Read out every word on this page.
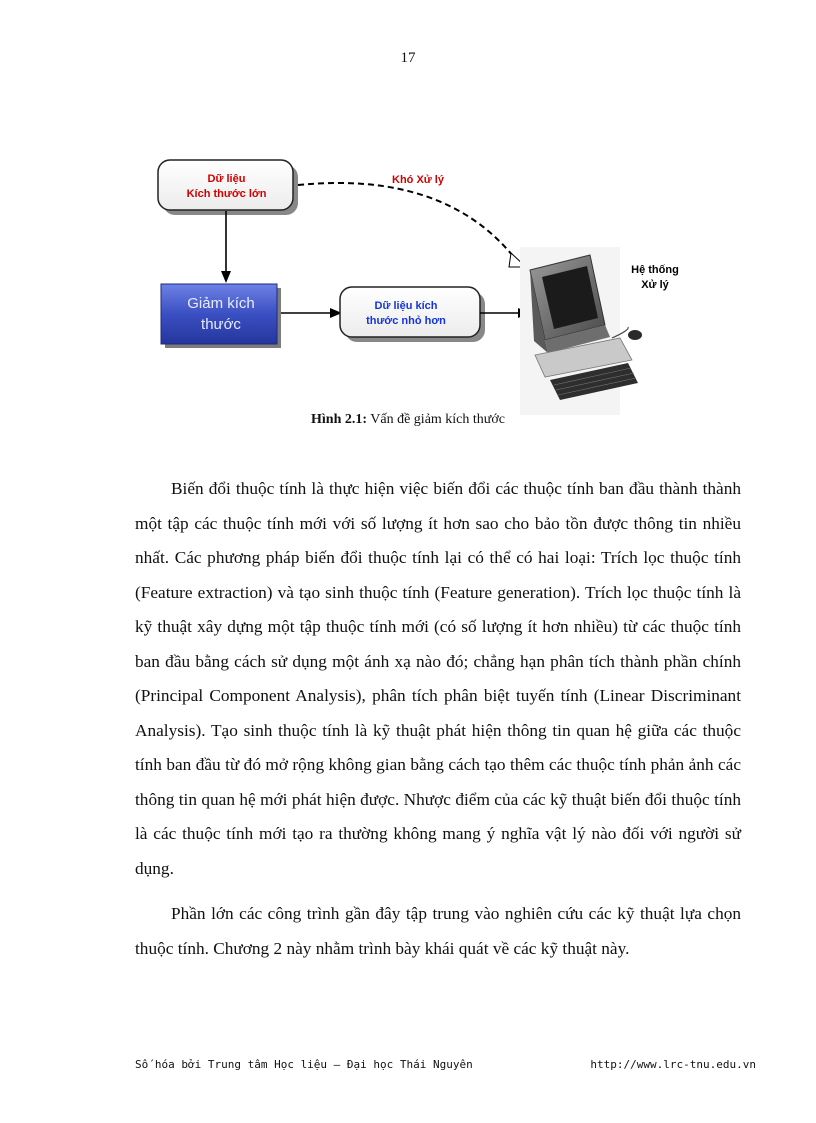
17
Dữ liệu
Kích thước lớn
Giảm kích
thước
Dữ liệu kích
thước nhỏ hơn
Khó Xử lý
Hệ thống
Xử lý
Hình 2.1: Vấn đề giảm kích thước

Biến đổi thuộc tính là thực hiện việc biến đổi các thuộc tính ban đầu thành thành một tập các thuộc tính mới với số lượng ít hơn sao cho bảo tồn được thông tin nhiều nhất. Các phương pháp biến đổi thuộc tính lại có thể có hai loại: Trích lọc thuộc tính (Feature extraction) và tạo sinh thuộc tính (Feature generation). Trích lọc thuộc tính là kỹ thuật xây dựng một tập thuộc tính mới (có số lượng ít hơn nhiều) từ các thuộc tính ban đầu bằng cách sử dụng một ánh xạ nào đó; chẳng hạn phân tích thành phần chính (Principal Component Analysis), phân tích phân biệt tuyến tính (Linear Discriminant Analysis). Tạo sinh thuộc tính là kỹ thuật phát hiện thông tin quan hệ giữa các thuộc tính ban đầu từ đó mở rộng không gian bằng cách tạo thêm các thuộc tính phản ảnh các thông tin quan hệ mới phát hiện được. Nhược điểm của các kỹ thuật biến đổi thuộc tính là các thuộc tính mới tạo ra thường không mang ý nghĩa vật lý nào đối với người sử dụng.

Phần lớn các công trình gần đây tập trung vào nghiên cứu các kỹ thuật lựa chọn thuộc tính. Chương 2 này nhằm trình bày khái quát về các kỹ thuật này.

Số hóa bởi Trung tâm Học liệu – Đại học Thái Nguyên	http://www.lrc-tnu.edu.vn
